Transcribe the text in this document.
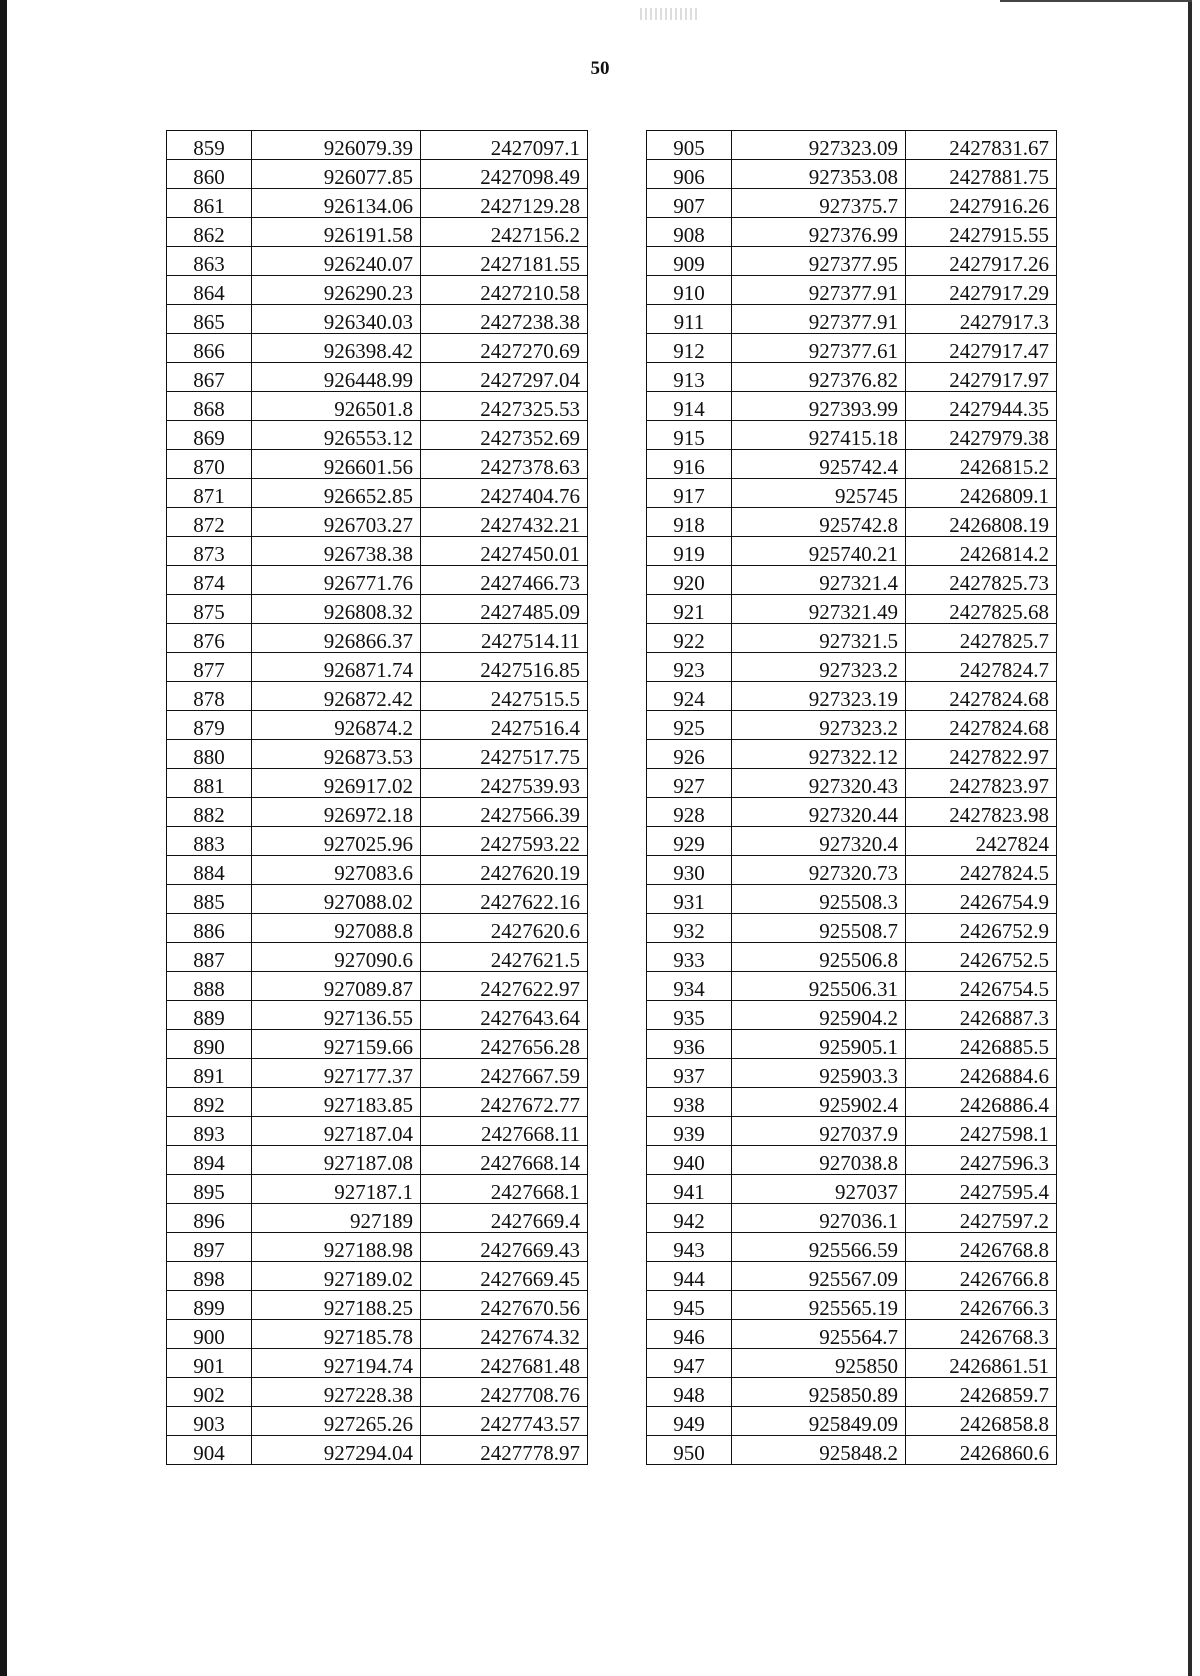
50
859	926079.39	2427097.1
860	926077.85	2427098.49
861	926134.06	2427129.28
862	926191.58	2427156.2
863	926240.07	2427181.55
864	926290.23	2427210.58
865	926340.03	2427238.38
866	926398.42	2427270.69
867	926448.99	2427297.04
868	926501.8	2427325.53
869	926553.12	2427352.69
870	926601.56	2427378.63
871	926652.85	2427404.76
872	926703.27	2427432.21
873	926738.38	2427450.01
874	926771.76	2427466.73
875	926808.32	2427485.09
876	926866.37	2427514.11
877	926871.74	2427516.85
878	926872.42	2427515.5
879	926874.2	2427516.4
880	926873.53	2427517.75
881	926917.02	2427539.93
882	926972.18	2427566.39
883	927025.96	2427593.22
884	927083.6	2427620.19
885	927088.02	2427622.16
886	927088.8	2427620.6
887	927090.6	2427621.5
888	927089.87	2427622.97
889	927136.55	2427643.64
890	927159.66	2427656.28
891	927177.37	2427667.59
892	927183.85	2427672.77
893	927187.04	2427668.11
894	927187.08	2427668.14
895	927187.1	2427668.1
896	927189	2427669.4
897	927188.98	2427669.43
898	927189.02	2427669.45
899	927188.25	2427670.56
900	927185.78	2427674.32
901	927194.74	2427681.48
902	927228.38	2427708.76
903	927265.26	2427743.57
904	927294.04	2427778.97
905	927323.09	2427831.67
906	927353.08	2427881.75
907	927375.7	2427916.26
908	927376.99	2427915.55
909	927377.95	2427917.26
910	927377.91	2427917.29
911	927377.91	2427917.3
912	927377.61	2427917.47
913	927376.82	2427917.97
914	927393.99	2427944.35
915	927415.18	2427979.38
916	925742.4	2426815.2
917	925745	2426809.1
918	925742.8	2426808.19
919	925740.21	2426814.2
920	927321.4	2427825.73
921	927321.49	2427825.68
922	927321.5	2427825.7
923	927323.2	2427824.7
924	927323.19	2427824.68
925	927323.2	2427824.68
926	927322.12	2427822.97
927	927320.43	2427823.97
928	927320.44	2427823.98
929	927320.4	2427824
930	927320.73	2427824.5
931	925508.3	2426754.9
932	925508.7	2426752.9
933	925506.8	2426752.5
934	925506.31	2426754.5
935	925904.2	2426887.3
936	925905.1	2426885.5
937	925903.3	2426884.6
938	925902.4	2426886.4
939	927037.9	2427598.1
940	927038.8	2427596.3
941	927037	2427595.4
942	927036.1	2427597.2
943	925566.59	2426768.8
944	925567.09	2426766.8
945	925565.19	2426766.3
946	925564.7	2426768.3
947	925850	2426861.51
948	925850.89	2426859.7
949	925849.09	2426858.8
950	925848.2	2426860.6
